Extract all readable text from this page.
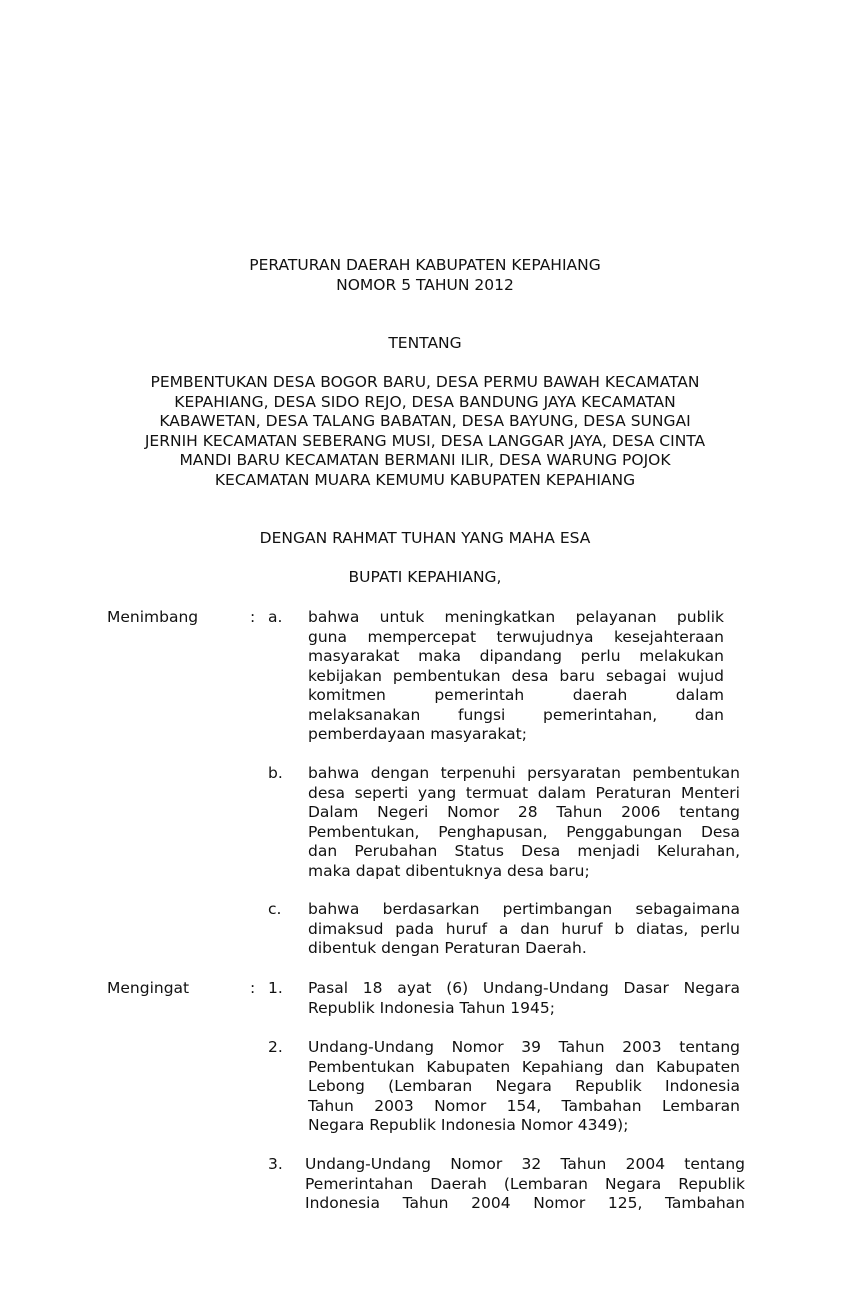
PERATURAN DAERAH KABUPATEN KEPAHIANG
NOMOR 5 TAHUN 2012
TENTANG
PEMBENTUKAN DESA BOGOR BARU, DESA PERMU BAWAH KECAMATAN
KEPAHIANG, DESA SIDO REJO, DESA BANDUNG JAYA KECAMATAN
KABAWETAN, DESA TALANG BABATAN, DESA BAYUNG, DESA SUNGAI
JERNIH KECAMATAN SEBERANG MUSI, DESA LANGGAR JAYA, DESA CINTA
MANDI BARU KECAMATAN BERMANI ILIR, DESA WARUNG POJOK
KECAMATAN MUARA KEMUMU KABUPATEN KEPAHIANG
DENGAN RAHMAT TUHAN YANG MAHA ESA
BUPATI KEPAHIANG,
Menimbang	: a. bahwa untuk meningkatkan pelayanan publik
guna mempercepat terwujudnya kesejahteraan
masyarakat maka dipandang perlu melakukan
kebijakan pembentukan desa baru sebagai wujud
komitmen pemerintah daerah dalam
melaksanakan fungsi pemerintahan, dan
pemberdayaan masyarakat;
b. bahwa dengan terpenuhi persyaratan pembentukan
desa seperti yang termuat dalam Peraturan Menteri
Dalam Negeri Nomor 28 Tahun 2006 tentang
Pembentukan, Penghapusan, Penggabungan Desa
dan Perubahan Status Desa menjadi Kelurahan,
maka dapat dibentuknya desa baru;
c. bahwa berdasarkan pertimbangan sebagaimana
dimaksud pada huruf a dan huruf b diatas, perlu
dibentuk dengan Peraturan Daerah.
Mengingat	: 1. Pasal 18 ayat (6) Undang-Undang Dasar Negara
Republik Indonesia Tahun 1945;
2. Undang-Undang Nomor 39 Tahun 2003 tentang
Pembentukan Kabupaten Kepahiang dan Kabupaten
Lebong (Lembaran Negara Republik Indonesia
Tahun 2003 Nomor 154, Tambahan Lembaran
Negara Republik Indonesia Nomor 4349);
3. Undang-Undang Nomor 32 Tahun 2004 tentang
Pemerintahan Daerah (Lembaran Negara Republik
Indonesia Tahun 2004 Nomor 125, Tambahan
